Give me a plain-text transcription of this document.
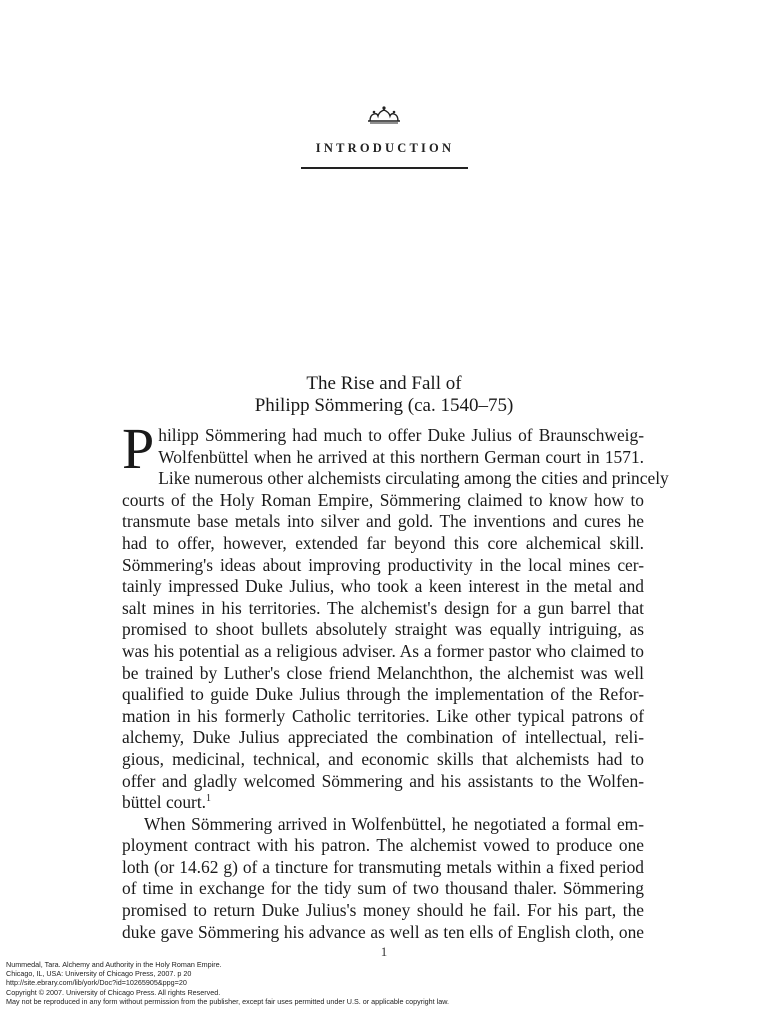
INTRODUCTION
The Rise and Fall of
Philipp Sömmering (ca. 1540–75)
P hilipp Sömmering had much to offer Duke Julius of Braunschweig-
Wolfenbüttel when he arrived at this northern German court in 1571.
Like numerous other alchemists circulating among the cities and princely
courts of the Holy Roman Empire, Sömmering claimed to know how to
transmute base metals into silver and gold. The inventions and cures he
had to offer, however, extended far beyond this core alchemical skill.
Sömmering's ideas about improving productivity in the local mines cer-
tainly impressed Duke Julius, who took a keen interest in the metal and
salt mines in his territories. The alchemist's design for a gun barrel that
promised to shoot bullets absolutely straight was equally intriguing, as
was his potential as a religious adviser. As a former pastor who claimed to
be trained by Luther's close friend Melanchthon, the alchemist was well
qualified to guide Duke Julius through the implementation of the Refor-
mation in his formerly Catholic territories. Like other typical patrons of
alchemy, Duke Julius appreciated the combination of intellectual, reli-
gious, medicinal, technical, and economic skills that alchemists had to
offer and gladly welcomed Sömmering and his assistants to the Wolfen-
büttel court.$^1$
When Sömmering arrived in Wolfenbüttel, he negotiated a formal em-
ployment contract with his patron. The alchemist vowed to produce one
loth (or 14.62 g) of a tincture for transmuting metals within a fixed period
of time in exchange for the tidy sum of two thousand thaler. Sömmering
promised to return Duke Julius's money should he fail. For his part, the
duke gave Sömmering his advance as well as ten ells of English cloth, one
1
Nummedal, Tara. Alchemy and Authority in the Holy Roman Empire.
Chicago, IL, USA: University of Chicago Press, 2007. p 20
http://site.ebrary.com/lib/york/Doc?id=10265905&ppg=20
Copyright © 2007. University of Chicago Press. All rights Reserved.
May not be reproduced in any form without permission from the publisher, except fair uses permitted under U.S. or applicable copyright law.
